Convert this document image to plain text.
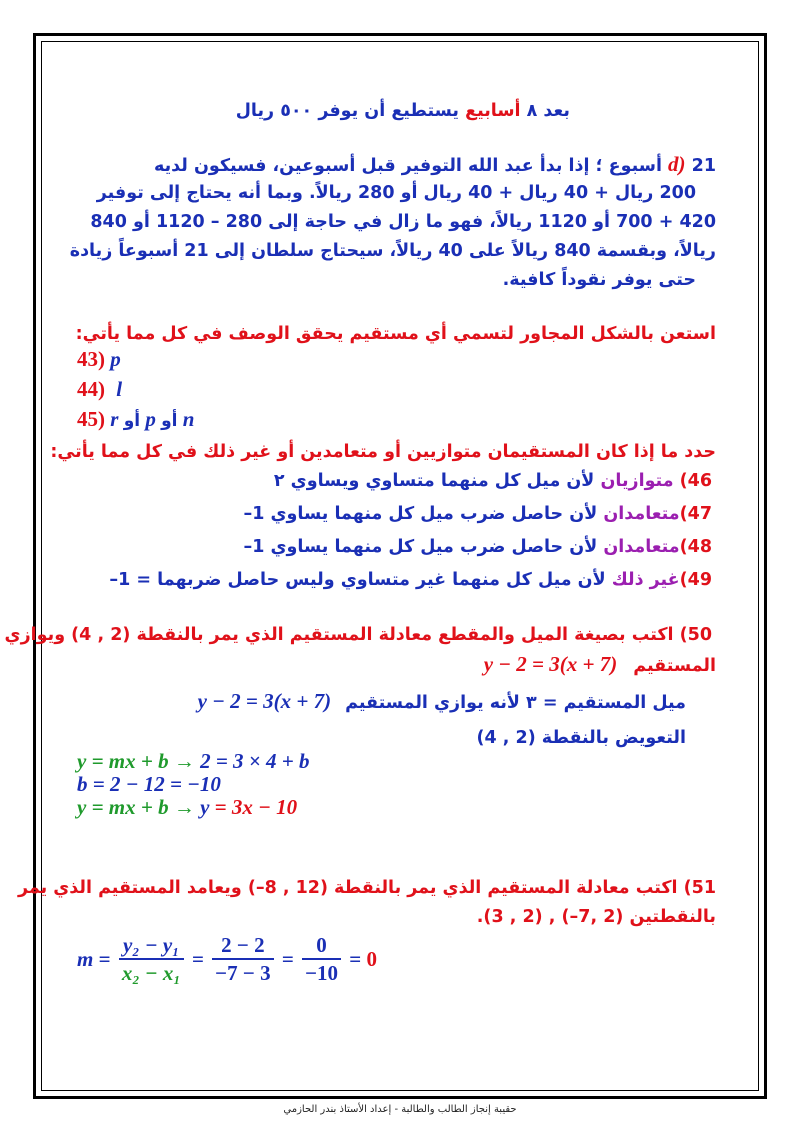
بعد ٨ أسابيع يستطيع أن يوفر ٥٠٠ ريال
d) 21 أسبوع ؛ إذا بدأ عبد الله التوفير قبل أسبوعين، فسيكون لديه
200 ريال + 40 ريال + 40 ريال أو 280 ريالاً. وبما أنه يحتاج إلى توفير
420 + 700 أو 1120 ريالاً، فهو ما زال في حاجة إلى 280 – 1120 أو 840
ريالاً، وبقسمة 840 ريالاً على 40 ريالاً، سيحتاج سلطان إلى 21 أسبوعاً زيادة
حتى يوفر نقوداً كافية.
استعن بالشكل المجاور لتسمي أي مستقيم يحقق الوصف في كل مما يأتي:
43) p
44) l
45) r أو p أو n
حدد ما إذا كان المستقيمان متوازيين أو متعامدين أو غير ذلك في كل مما يأتي:
46) متوازيان لأن ميل كل منهما متساوي ويساوي ٢
47)متعامدان لأن حاصل ضرب ميل كل منهما يساوي 1–
48)متعامدان لأن حاصل ضرب ميل كل منهما يساوي 1–
49)غير ذلك لأن ميل كل منهما غير متساوي وليس حاصل ضربهما = 1–
50) اكتب بصيغة الميل والمقطع معادلة المستقيم الذي يمر بالنقطة (2 , 4) ويوازي
المستقيم y − 2 = 3(x + 7)
ميل المستقيم = ٣ لأنه يوازي المستقيم y − 2 = 3(x + 7)
التعويض بالنقطة (2 , 4)
y = mx + b → 2 = 3 × 4 + b
b = 2 − 12 = −10
y = mx + b → y = 3x − 10
51) اكتب معادلة المستقيم الذي يمر بالنقطة (12 , 8–) ويعامد المستقيم الذي يمر
بالنقطتين (2 ,7–) , (2 , 3).
$m = \frac{\text{y₂ − y₁}}{\text{x₂ − x₁}} = \frac{2 - 2}{-7 - 3} = \frac{0}{-10} = 0$
حقيبة إنجاز الطالب والطالبة - إعداد الأستاذ بندر الحازمي
